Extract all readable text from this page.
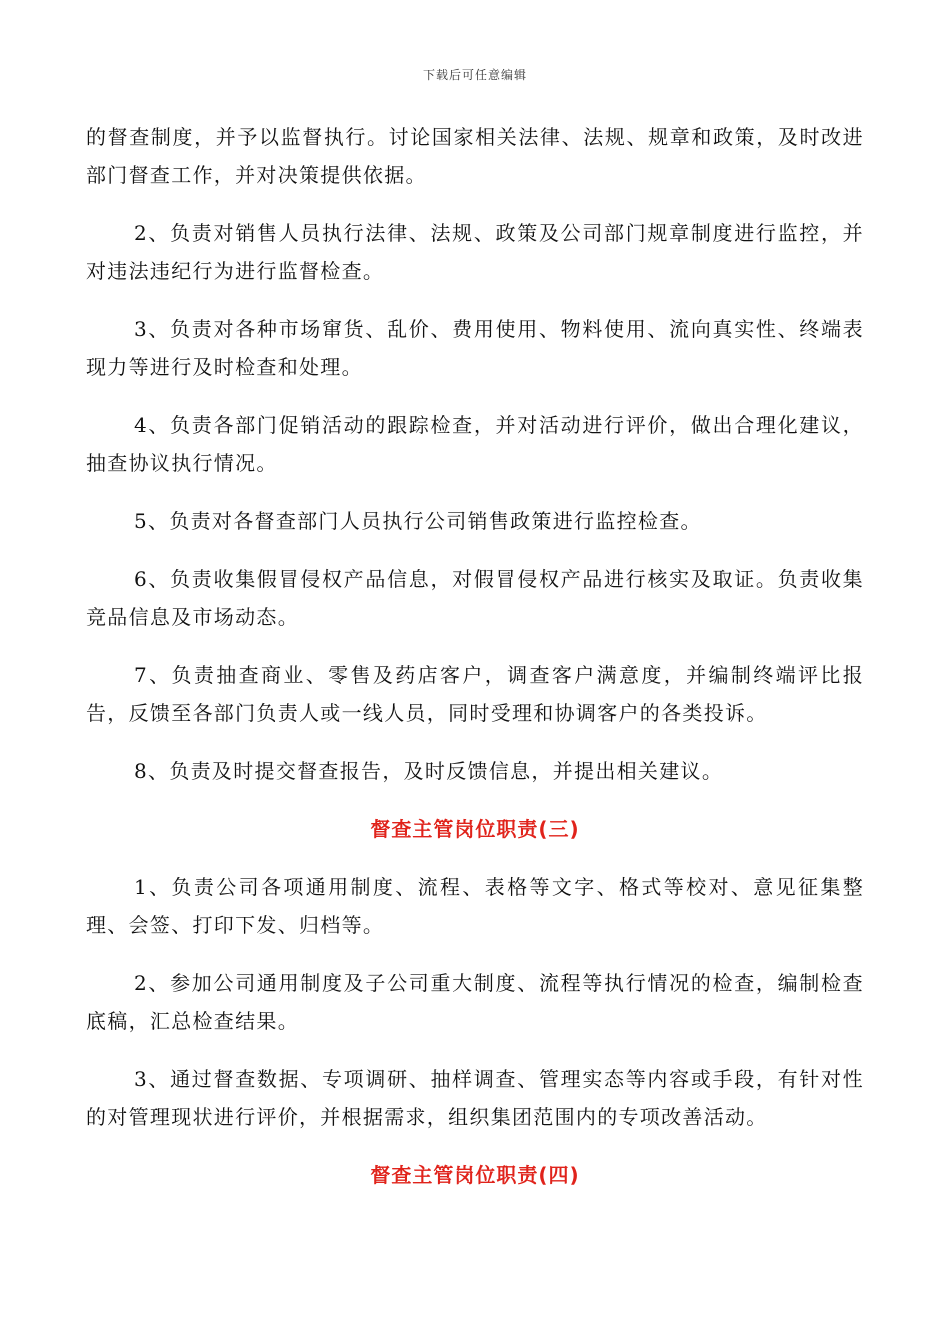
下载后可任意编辑

的督查制度，并予以监督执行。讨论国家相关法律、法规、规章和政策，及时改进部门督查工作，并对决策提供依据。

2、负责对销售人员执行法律、法规、政策及公司部门规章制度进行监控，并对违法违纪行为进行监督检查。

3、负责对各种市场窜货、乱价、费用使用、物料使用、流向真实性、终端表现力等进行及时检查和处理。

4、负责各部门促销活动的跟踪检查，并对活动进行评价，做出合理化建议，抽查协议执行情况。

5、负责对各督查部门人员执行公司销售政策进行监控检查。

6、负责收集假冒侵权产品信息，对假冒侵权产品进行核实及取证。负责收集竞品信息及市场动态。

7、负责抽查商业、零售及药店客户，调查客户满意度，并编制终端评比报告，反馈至各部门负责人或一线人员，同时受理和协调客户的各类投诉。

8、负责及时提交督查报告，及时反馈信息，并提出相关建议。

督查主管岗位职责(三)

1、负责公司各项通用制度、流程、表格等文字、格式等校对、意见征集整理、会签、打印下发、归档等。

2、参加公司通用制度及子公司重大制度、流程等执行情况的检查，编制检查底稿，汇总检查结果。

3、通过督查数据、专项调研、抽样调查、管理实态等内容或手段，有针对性的对管理现状进行评价，并根据需求，组织集团范围内的专项改善活动。

督查主管岗位职责(四)
